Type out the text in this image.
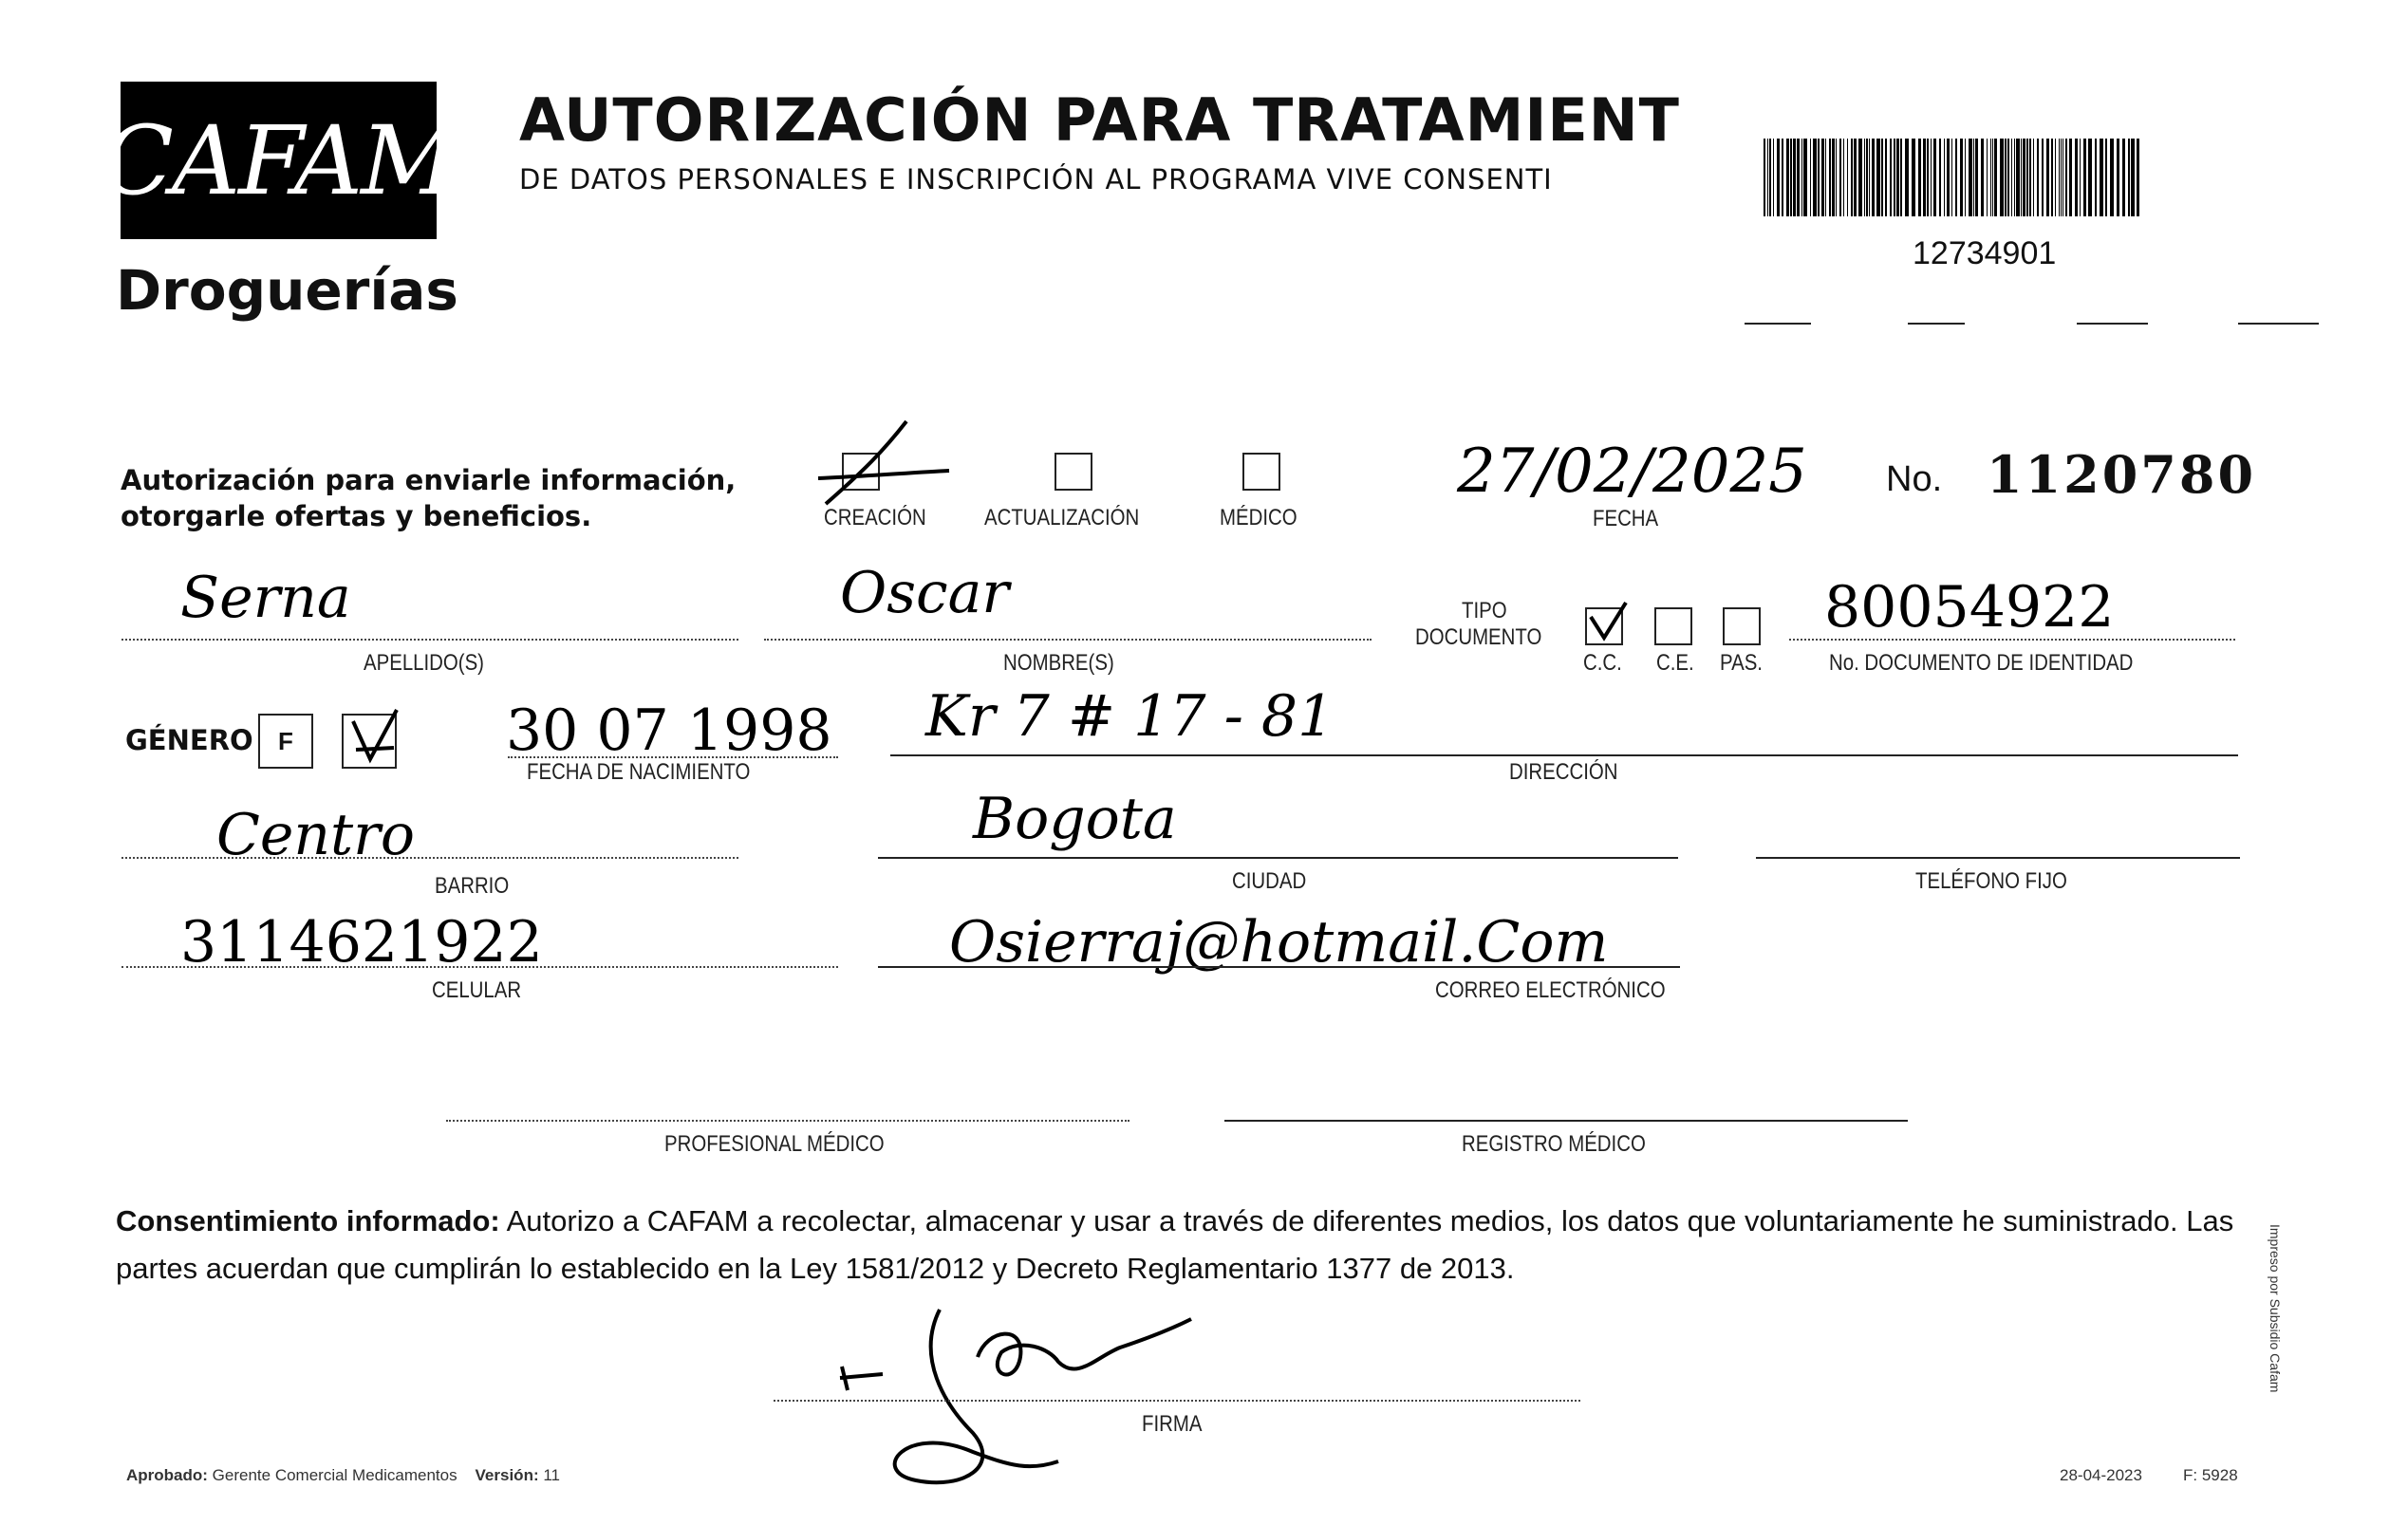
CAFAM
Droguerías
AUTORIZACIÓN PARA TRATAMIENT
DE DATOS PERSONALES E INSCRIPCIÓN AL PROGRAMA VIVE CONSENTI
12734901
Autorización para enviarle información,
otorgarle ofertas y beneficios.	CREACIÓN	ACTUALIZACIÓN	MÉDICO
27/02/2025
FECHA
No. 1120780
Serna
APELLIDO(S)
Oscar
NOMBRE(S)
TIPO
DOCUMENTO
C.C. C.E. PAS.
80054922
No. DOCUMENTO DE IDENTIDAD
GÉNERO F	30 07 1998
FECHA DE NACIMIENTO
Kr 7 # 17 - 81
DIRECCIÓN
Centro
BARRIO
Bogota
CIUDAD	TELÉFONO FIJO
3114621922
CELULAR
Osierraj@hotmail.Com
CORREO ELECTRÓNICO
PROFESIONAL MÉDICO	REGISTRO MÉDICO
Consentimiento informado: Autorizo a CAFAM a recolectar, almacenar y usar a través de diferentes medios, los datos que voluntariamente he suministrado. Las partes acuerdan que cumplirán lo establecido en la Ley 1581/2012 y Decreto Reglamentario 1377 de 2013.
FIRMA
Aprobado: Gerente Comercial Medicamentos Versión: 11	28-04-2023	F: 5928
Impreso por Subsidio Cafam
